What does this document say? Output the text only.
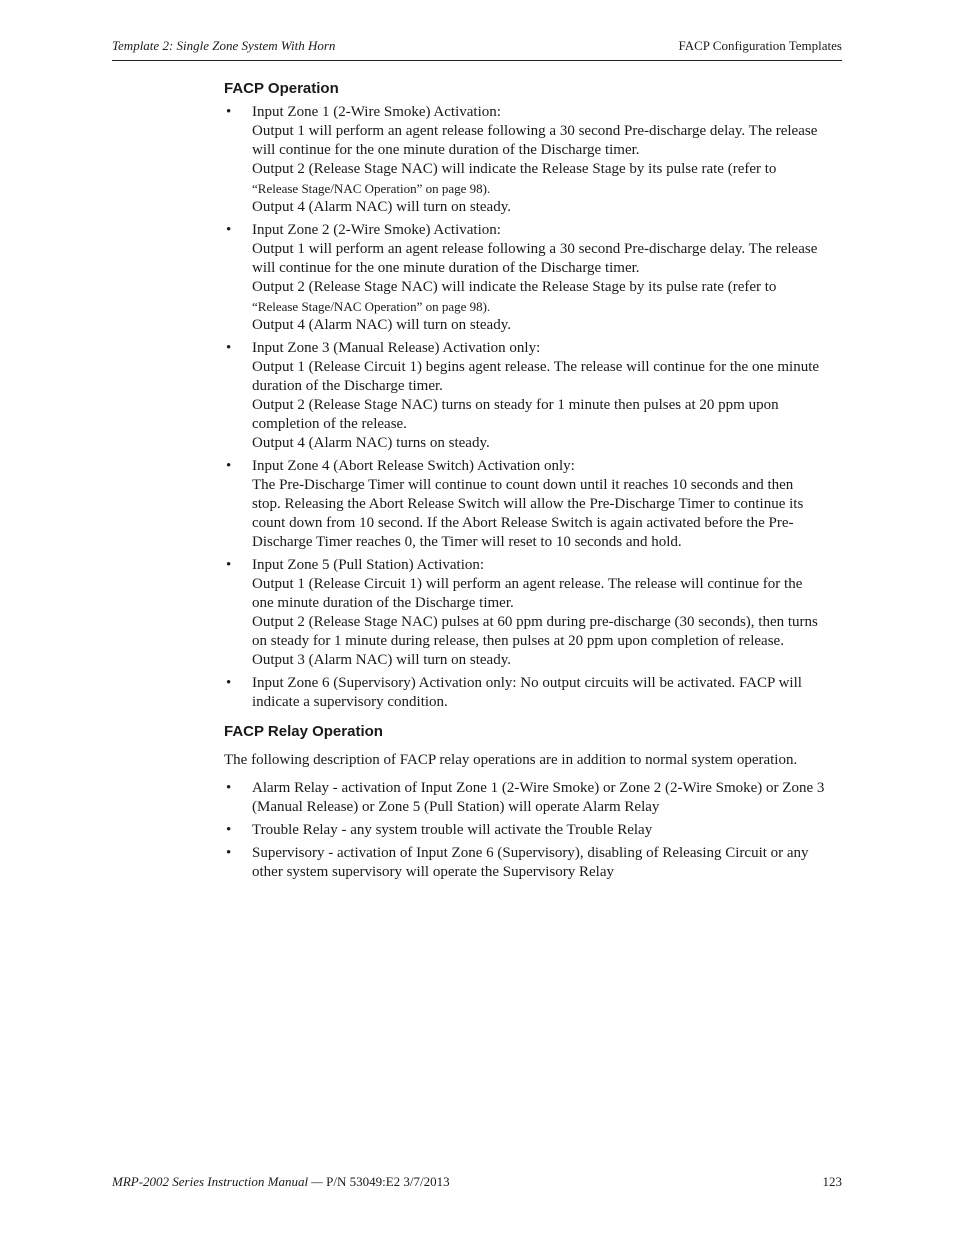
Template 2: Single Zone System With Horn	FACP Configuration Templates
FACP Operation
• Input Zone 1 (2-Wire Smoke) Activation:
Output 1 will perform an agent release following a 30 second Pre-discharge delay. The release
will continue for the one minute duration of the Discharge timer.
Output 2 (Release Stage NAC) will indicate the Release Stage by its pulse rate (refer to
“Release Stage/NAC Operation” on page 98).
Output 4 (Alarm NAC) will turn on steady.
• Input Zone 2 (2-Wire Smoke) Activation:
Output 1 will perform an agent release following a 30 second Pre-discharge delay. The release
will continue for the one minute duration of the Discharge timer.
Output 2 (Release Stage NAC) will indicate the Release Stage by its pulse rate (refer to
“Release Stage/NAC Operation” on page 98).
Output 4 (Alarm NAC) will turn on steady.
• Input Zone 3 (Manual Release) Activation only:
Output 1 (Release Circuit 1) begins agent release. The release will continue for the one minute
duration of the Discharge timer.
Output 2 (Release Stage NAC) turns on steady for 1 minute then pulses at 20 ppm upon
completion of the release.
Output 4 (Alarm NAC) turns on steady.
• Input Zone 4 (Abort Release Switch) Activation only:
The Pre-Discharge Timer will continue to count down until it reaches 10 seconds and then
stop. Releasing the Abort Release Switch will allow the Pre-Discharge Timer to continue its
count down from 10 second. If the Abort Release Switch is again activated before the Pre-
Discharge Timer reaches 0, the Timer will reset to 10 seconds and hold.
• Input Zone 5 (Pull Station) Activation:
Output 1 (Release Circuit 1) will perform an agent release. The release will continue for the
one minute duration of the Discharge timer.
Output 2 (Release Stage NAC) pulses at 60 ppm during pre-discharge (30 seconds), then turns
on steady for 1 minute during release, then pulses at 20 ppm upon completion of release.
Output 3 (Alarm NAC) will turn on steady.
• Input Zone 6 (Supervisory) Activation only: No output circuits will be activated. FACP will
indicate a supervisory condition.
FACP Relay Operation

The following description of FACP relay operations are in addition to normal system operation.

• Alarm Relay - activation of Input Zone 1 (2-Wire Smoke) or Zone 2 (2-Wire Smoke) or Zone 3
(Manual Release) or Zone 5 (Pull Station) will operate Alarm Relay
• Trouble Relay - any system trouble will activate the Trouble Relay
• Supervisory - activation of Input Zone 6 (Supervisory), disabling of Releasing Circuit or any
other system supervisory will operate the Supervisory Relay
MRP-2002 Series Instruction Manual — P/N 53049:E2 3/7/2013	123
